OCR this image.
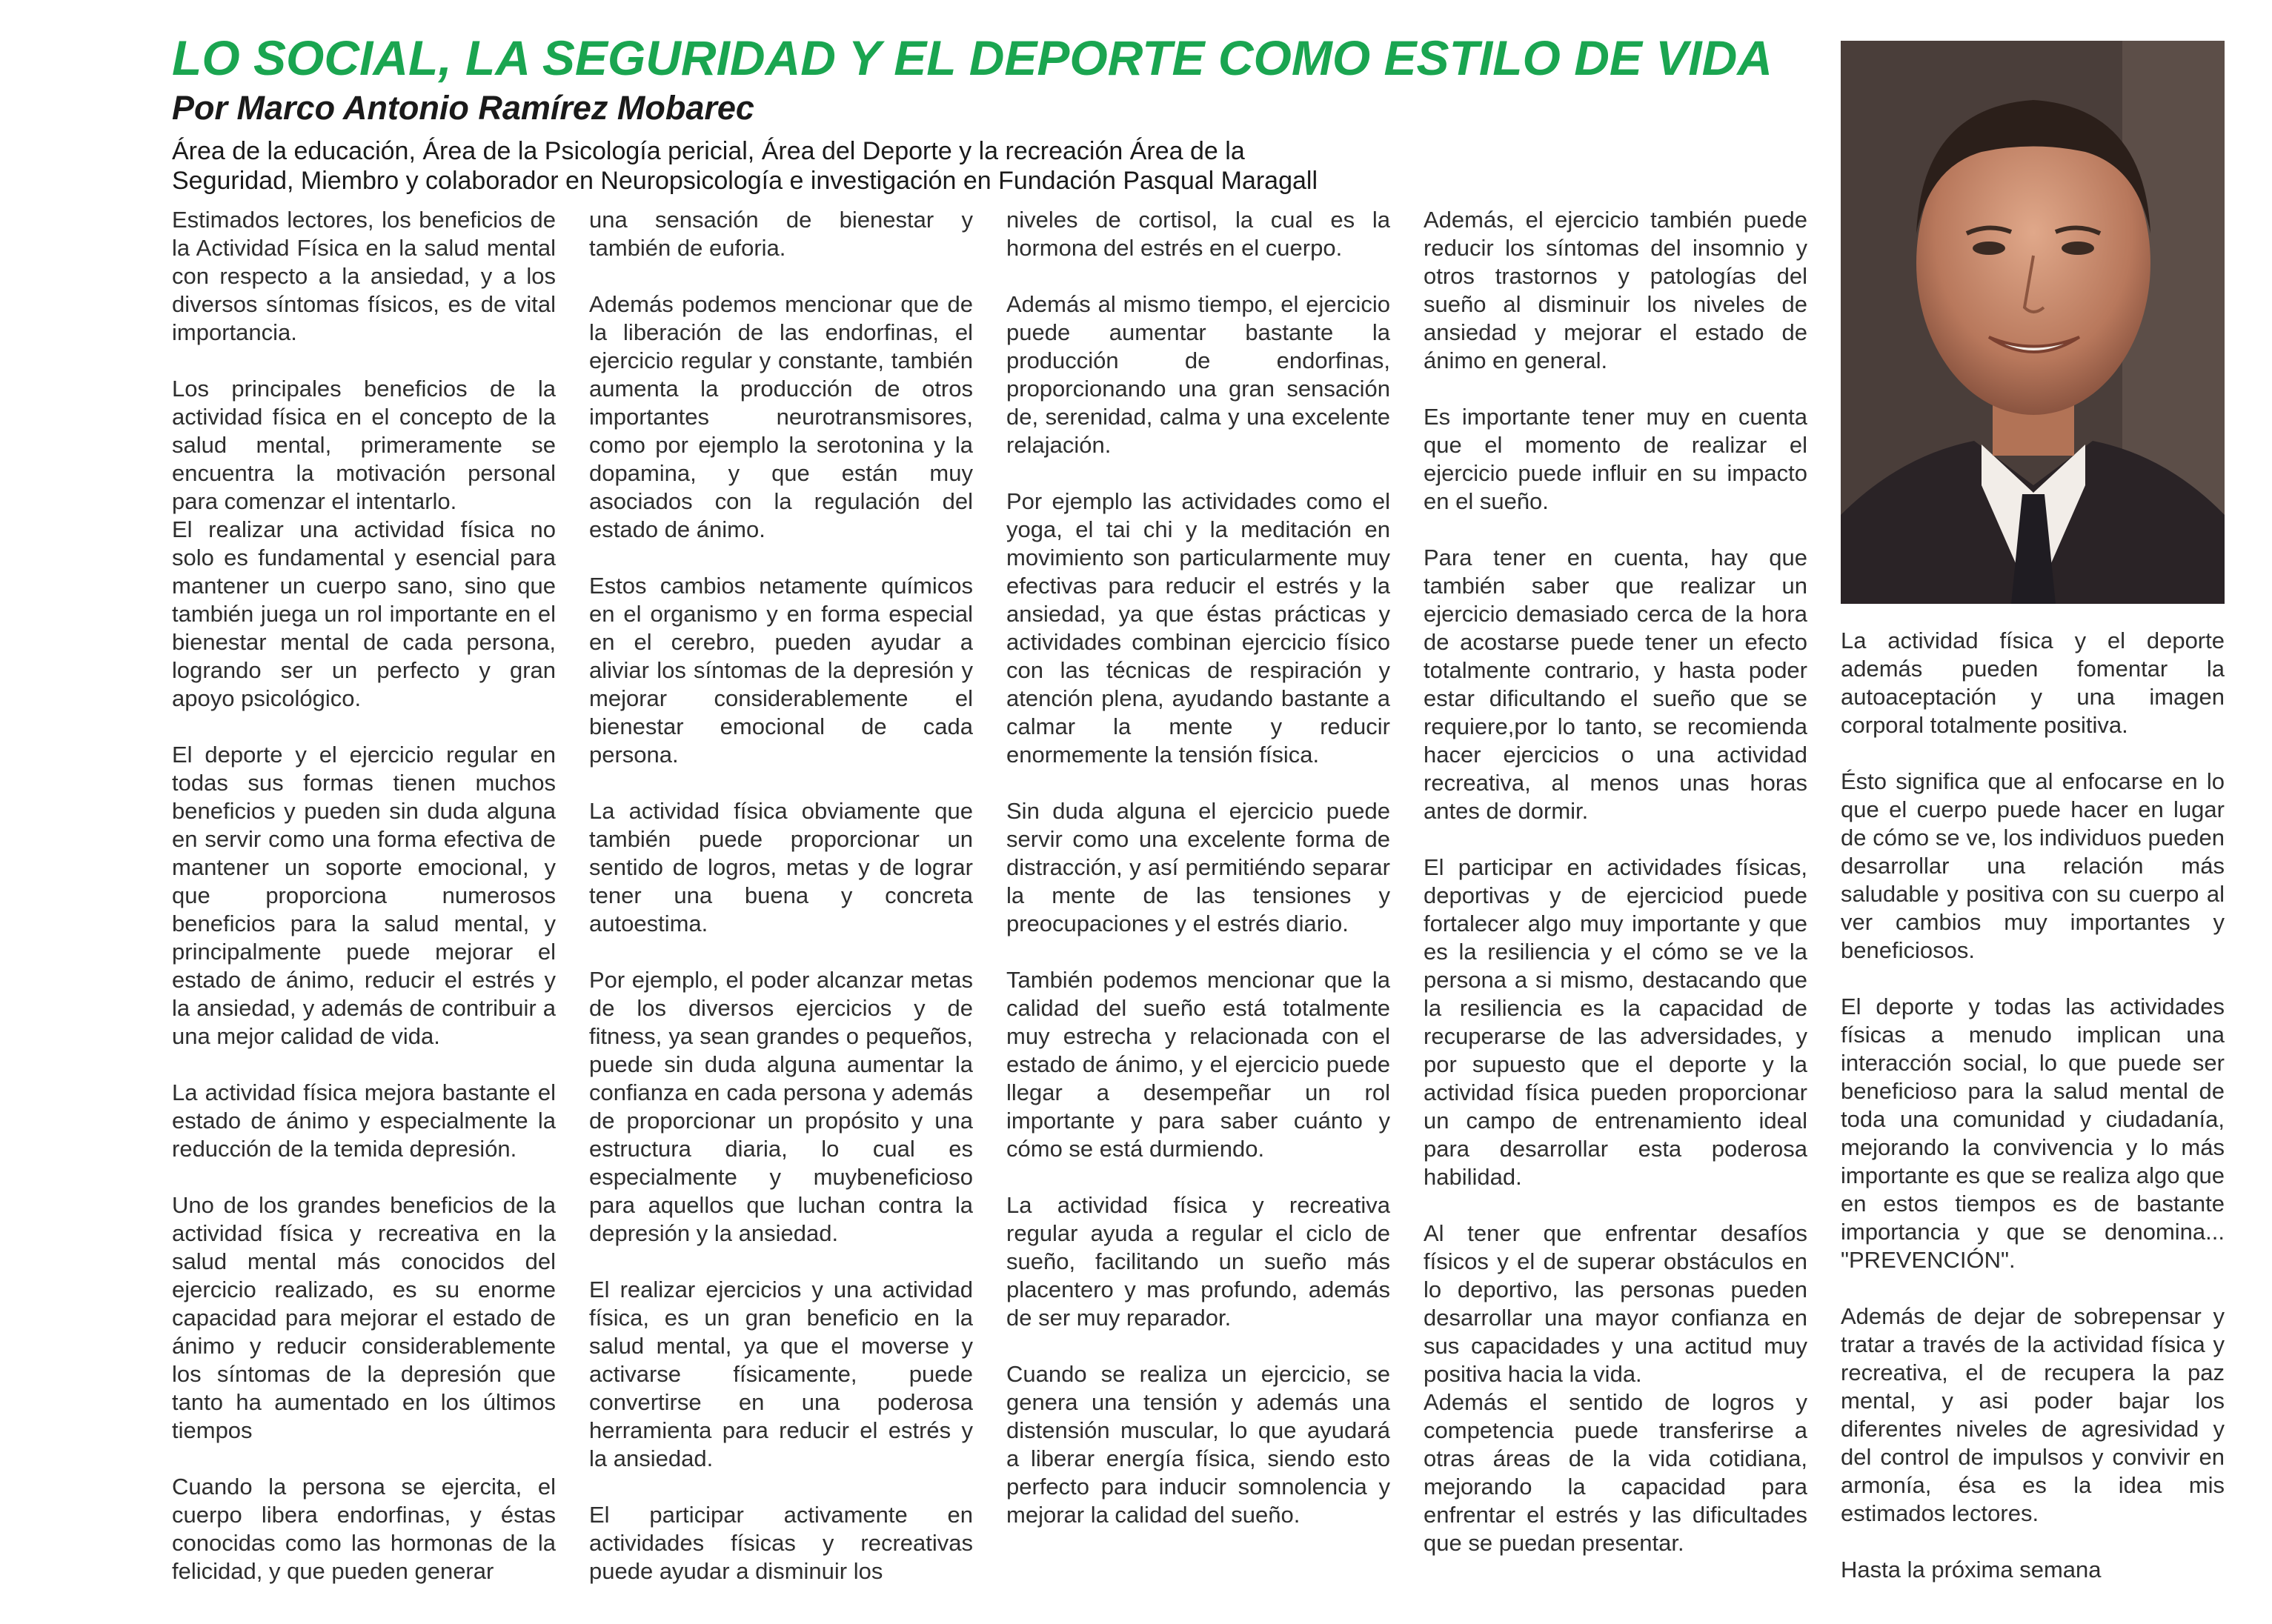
LO SOCIAL, LA SEGURIDAD Y EL DEPORTE COMO ESTILO DE VIDA
Por Marco Antonio Ramírez Mobarec
Área de la educación, Área de la Psicología pericial, Área del Deporte y la recreación Área de la
Seguridad, Miembro y colaborador en Neuropsicología e investigación en Fundación Pasqual Maragall

Estimados lectores, los beneficios de la Actividad Física en la salud mental con respecto a la ansiedad, y a los diversos síntomas físicos, es de vital importancia.

Los principales beneficios de la actividad física en el concepto de la salud mental, primeramente se encuentra la motivación personal para comenzar el intentarlo.

El realizar una actividad física no solo es fundamental y esencial para mantener un cuerpo sano, sino que también juega un rol importante en el bienestar mental de cada persona, logrando ser un perfecto y gran apoyo psicológico.

El deporte y el ejercicio regular en todas sus formas tienen muchos beneficios y pueden sin duda alguna en servir como una forma efectiva de mantener un soporte emocional, y que proporciona numerosos beneficios para la salud mental, y principalmente puede mejorar el estado de ánimo, reducir el estrés y la ansiedad, y además de contribuir a una mejor calidad de vida.

La actividad física mejora bastante el estado de ánimo y especialmente la reducción de la temida depresión.

Uno de los grandes beneficios de la actividad física y recreativa en la salud mental más conocidos del ejercicio realizado, es su enorme capacidad para mejorar el estado de ánimo y reducir considerablemente los síntomas de la depresión que tanto ha aumentado en los últimos tiempos

Cuando la persona se ejercita, el cuerpo libera endorfinas, y éstas conocidas como las hormonas de la felicidad, y que pueden generar

una sensación de bienestar y también de euforia.

Además podemos mencionar que de la liberación de las endorfinas, el ejercicio regular y constante, también aumenta la producción de otros importantes neurotransmisores, como por ejemplo la serotonina y la dopamina, y que están muy asociados con la regulación del estado de ánimo.

Estos cambios netamente químicos en el organismo y en forma especial en el cerebro, pueden ayudar a aliviar los síntomas de la depresión y mejorar considerablemente el bienestar emocional de cada persona.

La actividad física obviamente que también puede proporcionar un sentido de logros, metas y de lograr tener una buena y concreta autoestima.

Por ejemplo, el poder alcanzar metas de los diversos ejercicios y de fitness, ya sean grandes o pequeños, puede sin duda alguna aumentar la confianza en cada persona y además de proporcionar un propósito y una estructura diaria, lo cual es especialmente y muybeneficioso para aquellos que luchan contra la depresión y la ansiedad.

El realizar ejercicios y una actividad física, es un gran beneficio en la salud mental, ya que el moverse y activarse físicamente, puede convertirse en una poderosa herramienta para reducir el estrés y la ansiedad.

El participar activamente en actividades físicas y recreativas puede ayudar a disminuir los

niveles de cortisol, la cual es la hormona del estrés en el cuerpo.

Además al mismo tiempo, el ejercicio puede aumentar bastante la producción de endorfinas, proporcionando una gran sensación de, serenidad, calma y una excelente relajación.

Por ejemplo las actividades como el yoga, el tai chi y la meditación en movimiento son particularmente muy efectivas para reducir el estrés y la ansiedad, ya que éstas prácticas y actividades combinan ejercicio físico con las técnicas de respiración y atención plena, ayudando bastante a calmar la mente y reducir enormemente la tensión física.

Sin duda alguna el ejercicio puede servir como una excelente forma de distracción, y así permitiéndo separar la mente de las tensiones y preocupaciones y el estrés diario.

También podemos mencionar que la calidad del sueño está totalmente muy estrecha y relacionada con el estado de ánimo, y el ejercicio puede llegar a desempeñar un rol importante y para saber cuánto y cómo se está durmiendo.

La actividad física y recreativa regular ayuda a regular el ciclo de sueño, facilitando un sueño más placentero y mas profundo, además de ser muy reparador.

Cuando se realiza un ejercicio, se genera una tensión y además una distensión muscular, lo que ayudará a liberar energía física, siendo esto perfecto para inducir somnolencia y mejorar la calidad del sueño.

Además, el ejercicio también puede reducir los síntomas del insomnio y otros trastornos y patologías del sueño al disminuir los niveles de ansiedad y mejorar el estado de ánimo en general.

Es importante tener muy en cuenta que el momento de realizar el ejercicio puede influir en su impacto en el sueño.

Para tener en cuenta, hay que también saber que realizar un ejercicio demasiado cerca de la hora de acostarse puede tener un efecto totalmente contrario, y hasta poder estar dificultando el sueño que se requiere,por lo tanto, se recomienda hacer ejercicios o una actividad recreativa, al menos unas horas antes de dormir.

El participar en actividades físicas, deportivas y de ejerciciod puede fortalecer algo muy importante y que es la resiliencia y el cómo se ve la persona a si mismo, destacando que la resiliencia es la capacidad de recuperarse de las adversidades, y por supuesto que el deporte y la actividad física pueden proporcionar un campo de entrenamiento ideal para desarrollar esta poderosa habilidad.

Al tener que enfrentar desafíos físicos y el de superar obstáculos en lo deportivo, las personas pueden desarrollar una mayor confianza en sus capacidades y una actitud muy positiva hacia la vida.

Además el sentido de logros y competencia puede transferirse a otras áreas de la vida cotidiana, mejorando la capacidad para enfrentar el estrés y las dificultades que se puedan presentar.

La actividad física y el deporte además pueden fomentar la autoaceptación y una imagen corporal totalmente positiva.

Ésto significa que al enfocarse en lo que el cuerpo puede hacer en lugar de cómo se ve, los individuos pueden desarrollar una relación más saludable y positiva con su cuerpo al ver cambios muy importantes y beneficiosos.

El deporte y todas las actividades físicas a menudo implican una interacción social, lo que puede ser beneficioso para la salud mental de toda una comunidad y ciudadanía, mejorando la convivencia y lo más importante es que se realiza algo que en estos tiempos es de bastante importancia y que se denomina... "PREVENCIÓN".

Además de dejar de sobrepensar y tratar a través de la actividad física y recreativa, el de recupera la paz mental, y asi poder bajar los diferentes niveles de agresividad y del control de impulsos y convivir en armonía, ésa es la idea mis estimados lectores.

Hasta la próxima semana
